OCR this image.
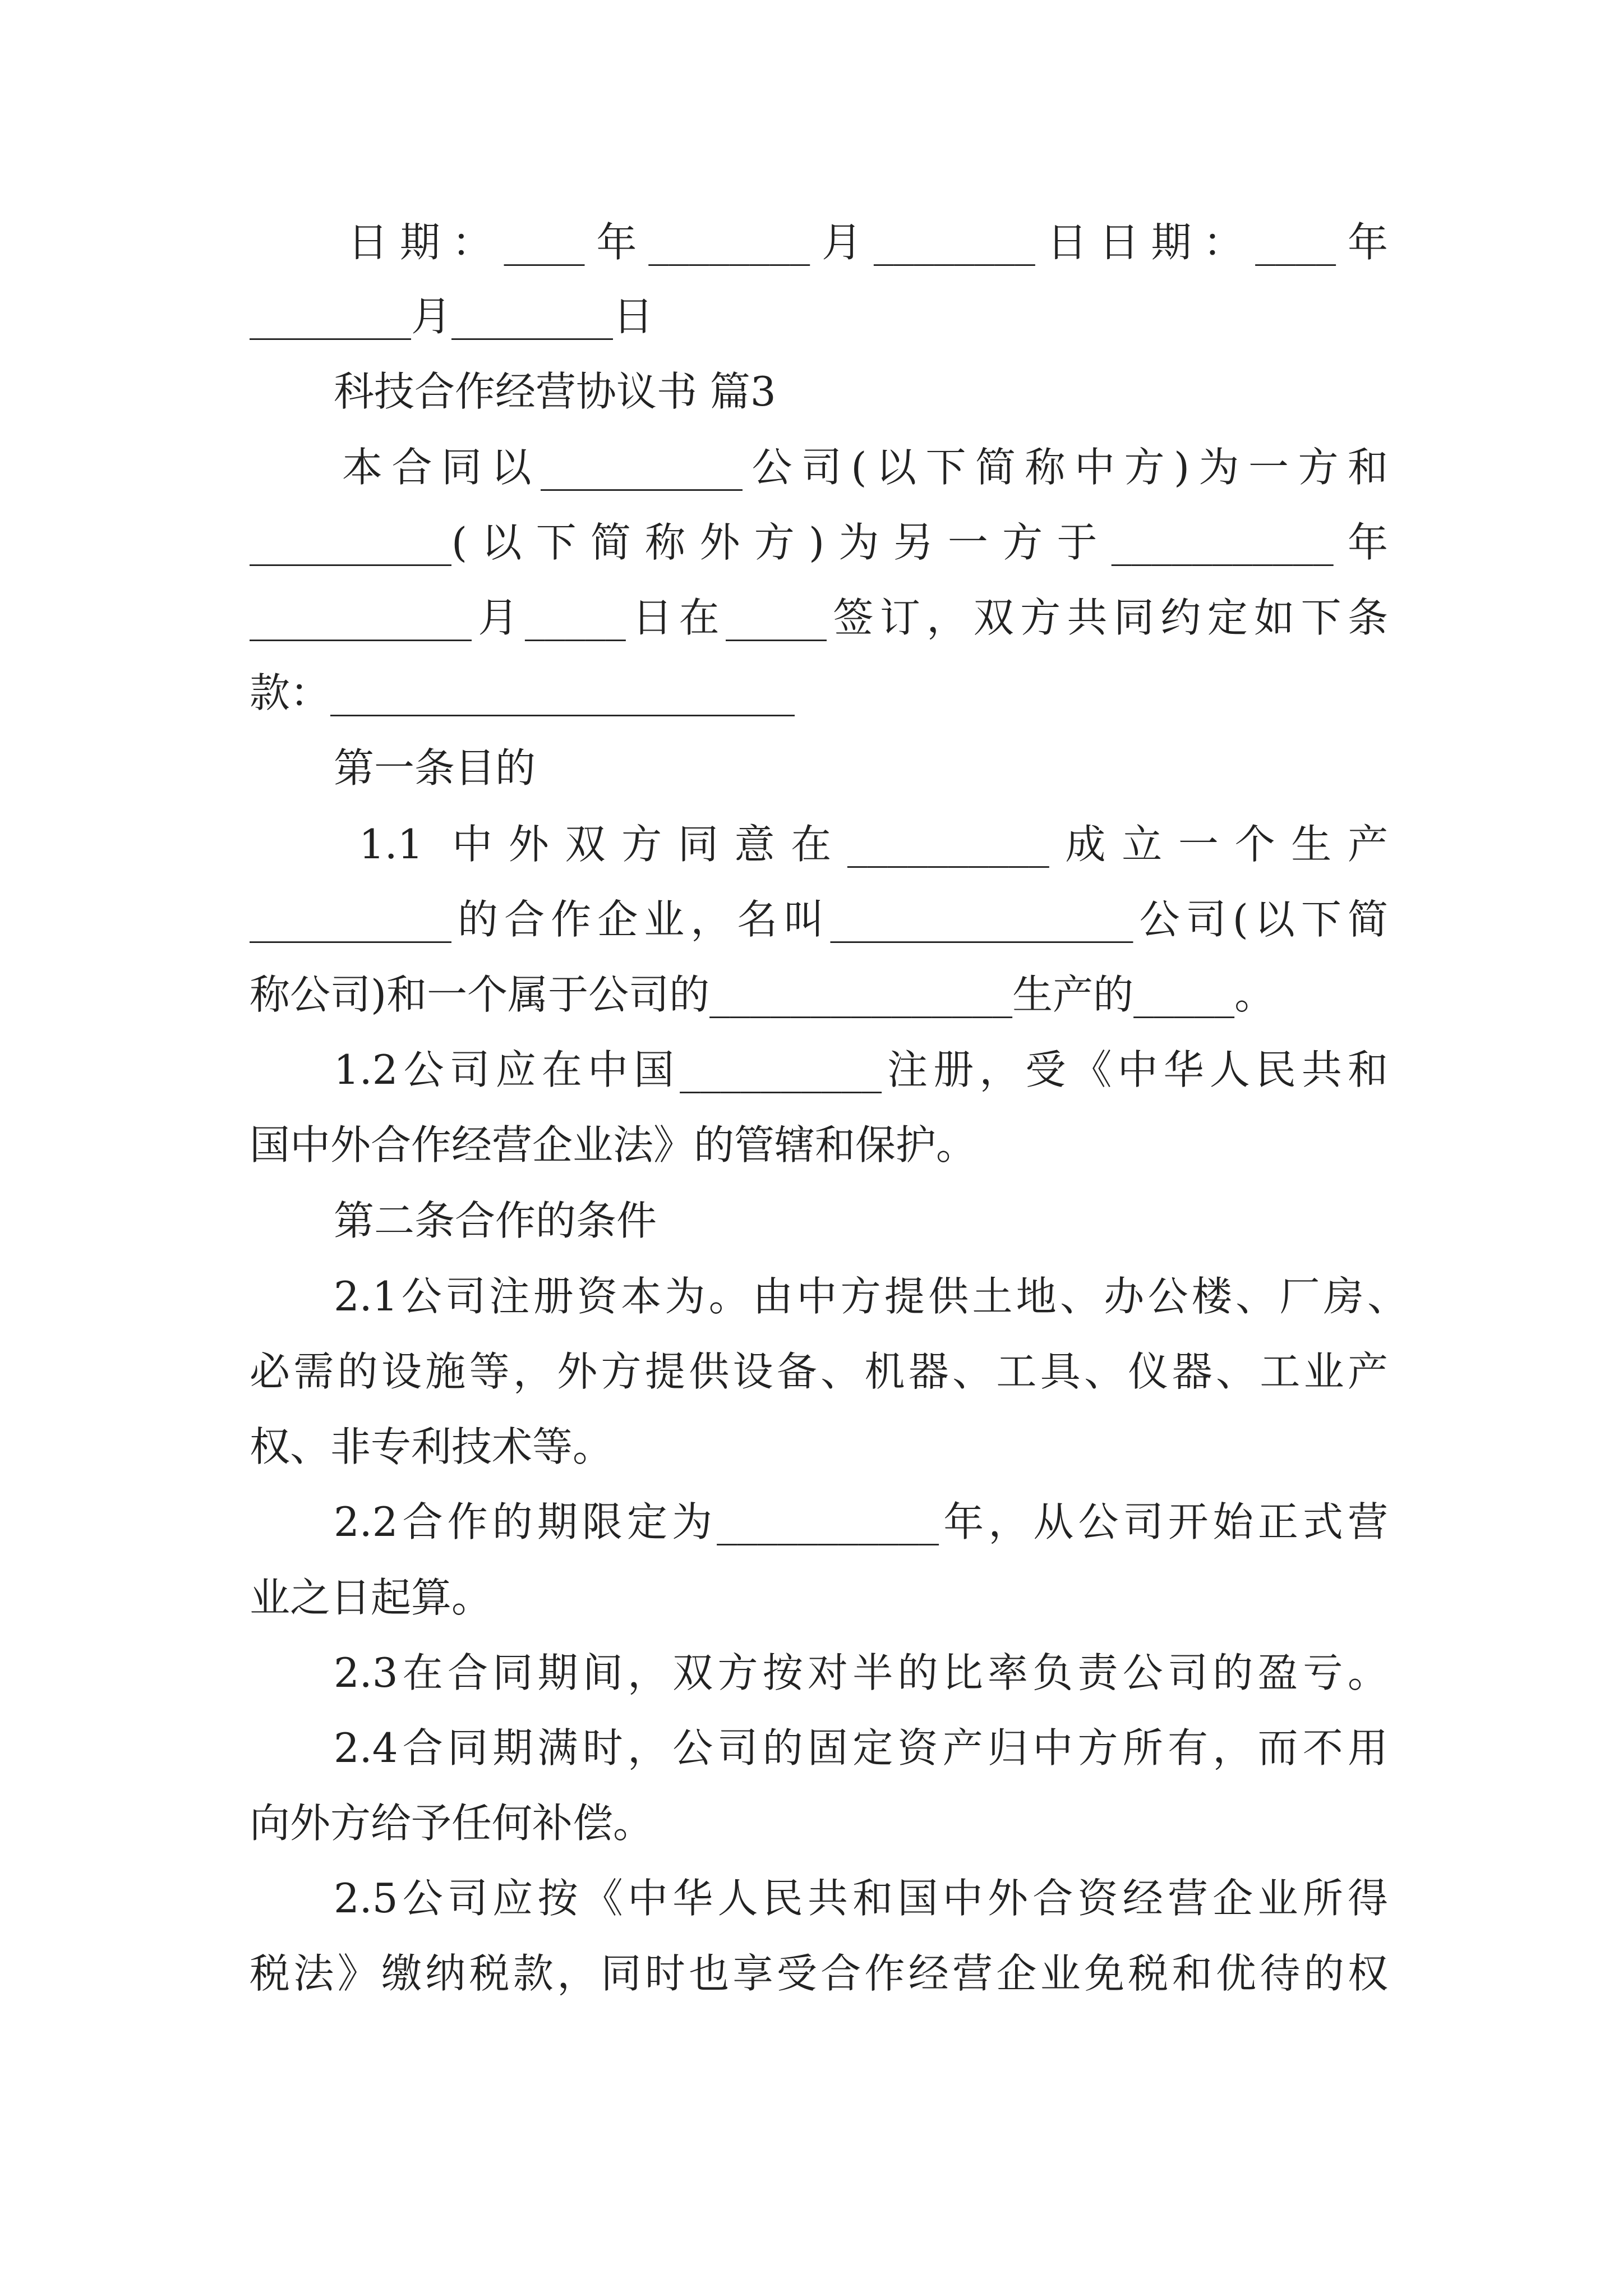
日期：____年________月________日日期：____年
________月________日
科技合作经营协议书 篇3
本合同以__________公司(以下简称中方)为一方和
__________(以下简称外方)为另一方于___________年
___________月_____日在_____签订，双方共同约定如下条
款：_______________________
第一条目的
1.1 中外双方同意在__________成立一个生产
__________的合作企业，名叫_______________公司(以下简
称公司)和一个属于公司的_______________生产的_____。
1.2公司应在中国__________注册，受《中华人民共和
国中外合作经营企业法》的管辖和保护。
第二条合作的条件
2.1公司注册资本为。由中方提供土地、办公楼、厂房、
必需的设施等，外方提供设备、机器、工具、仪器、工业产
权、非专利技术等。
2.2合作的期限定为___________年，从公司开始正式营
业之日起算。
2.3在合同期间，双方按对半的比率负责公司的盈亏。
2.4合同期满时，公司的固定资产归中方所有，而不用
向外方给予任何补偿。
2.5公司应按《中华人民共和国中外合资经营企业所得
税法》缴纳税款，同时也享受合作经营企业免税和优待的权
